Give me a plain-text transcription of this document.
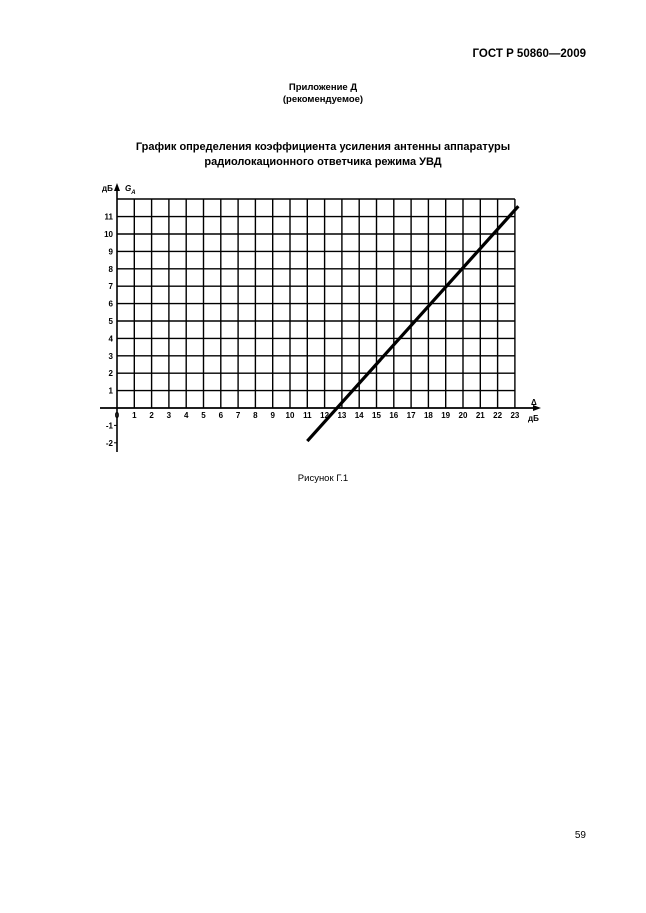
ГОСТ Р 50860—2009
Приложение Д
(рекомендуемое)
График определения коэффициента усиления антенны аппаратуры
радиолокационного ответчика режима УВД
0 1 2 3 4 5 6 7 8 9 10 11 12 13 14 15 16 17 18 19 20 21 22 23
1
2
3
4
5
6
7
8
9
10
11
-1
-2
дБ $G_A$
Δ
дБ
Рисунок Г.1
59
